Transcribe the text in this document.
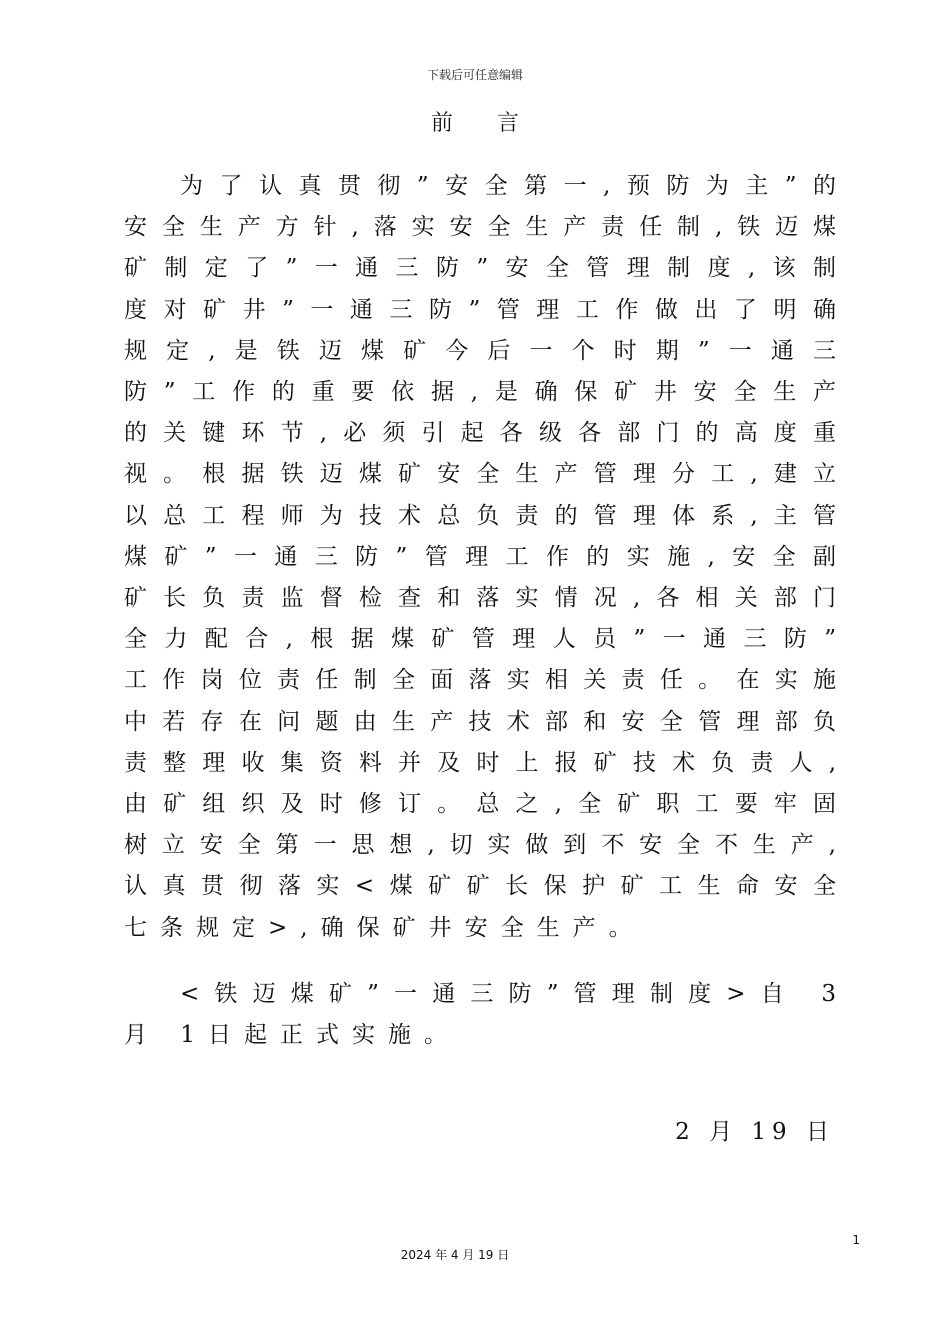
下载后可任意编辑
前言
为了认真贯彻”安全第一,预防为主”的
安全生产方针,落实安全生产责任制,铁迈煤
矿制定了”一通三防”安全管理制度,该制
度对矿井”一通三防”管理工作做出了明确
规定,是铁迈煤矿今后一个时期”一通三
防”工作的重要依据,是确保矿井安全生产
的关键环节,必须引起各级各部门的高度重
视。根据铁迈煤矿安全生产管理分工,建立
以总工程师为技术总负责的管理体系,主管
煤矿”一通三防”管理工作的实施,安全副
矿长负责监督检查和落实情况,各相关部门
全力配合,根据煤矿管理人员”一通三防”
工作岗位责任制全面落实相关责任。在实施
中若存在问题由生产技术部和安全管理部负
责整理收集资料并及时上报矿技术负责人,
由矿组织及时修订。总之,全矿职工要牢固
树立安全第一思想,切实做到不安全不生产,
认真贯彻落实<煤矿矿长保护矿工生命安全
七条规定>,确保矿井安全生产。
<铁迈煤矿”一通三防”管理制度>自 3
月 1日起正式实施。
2 月 19 日
1
2024 年 4 月 19 日
